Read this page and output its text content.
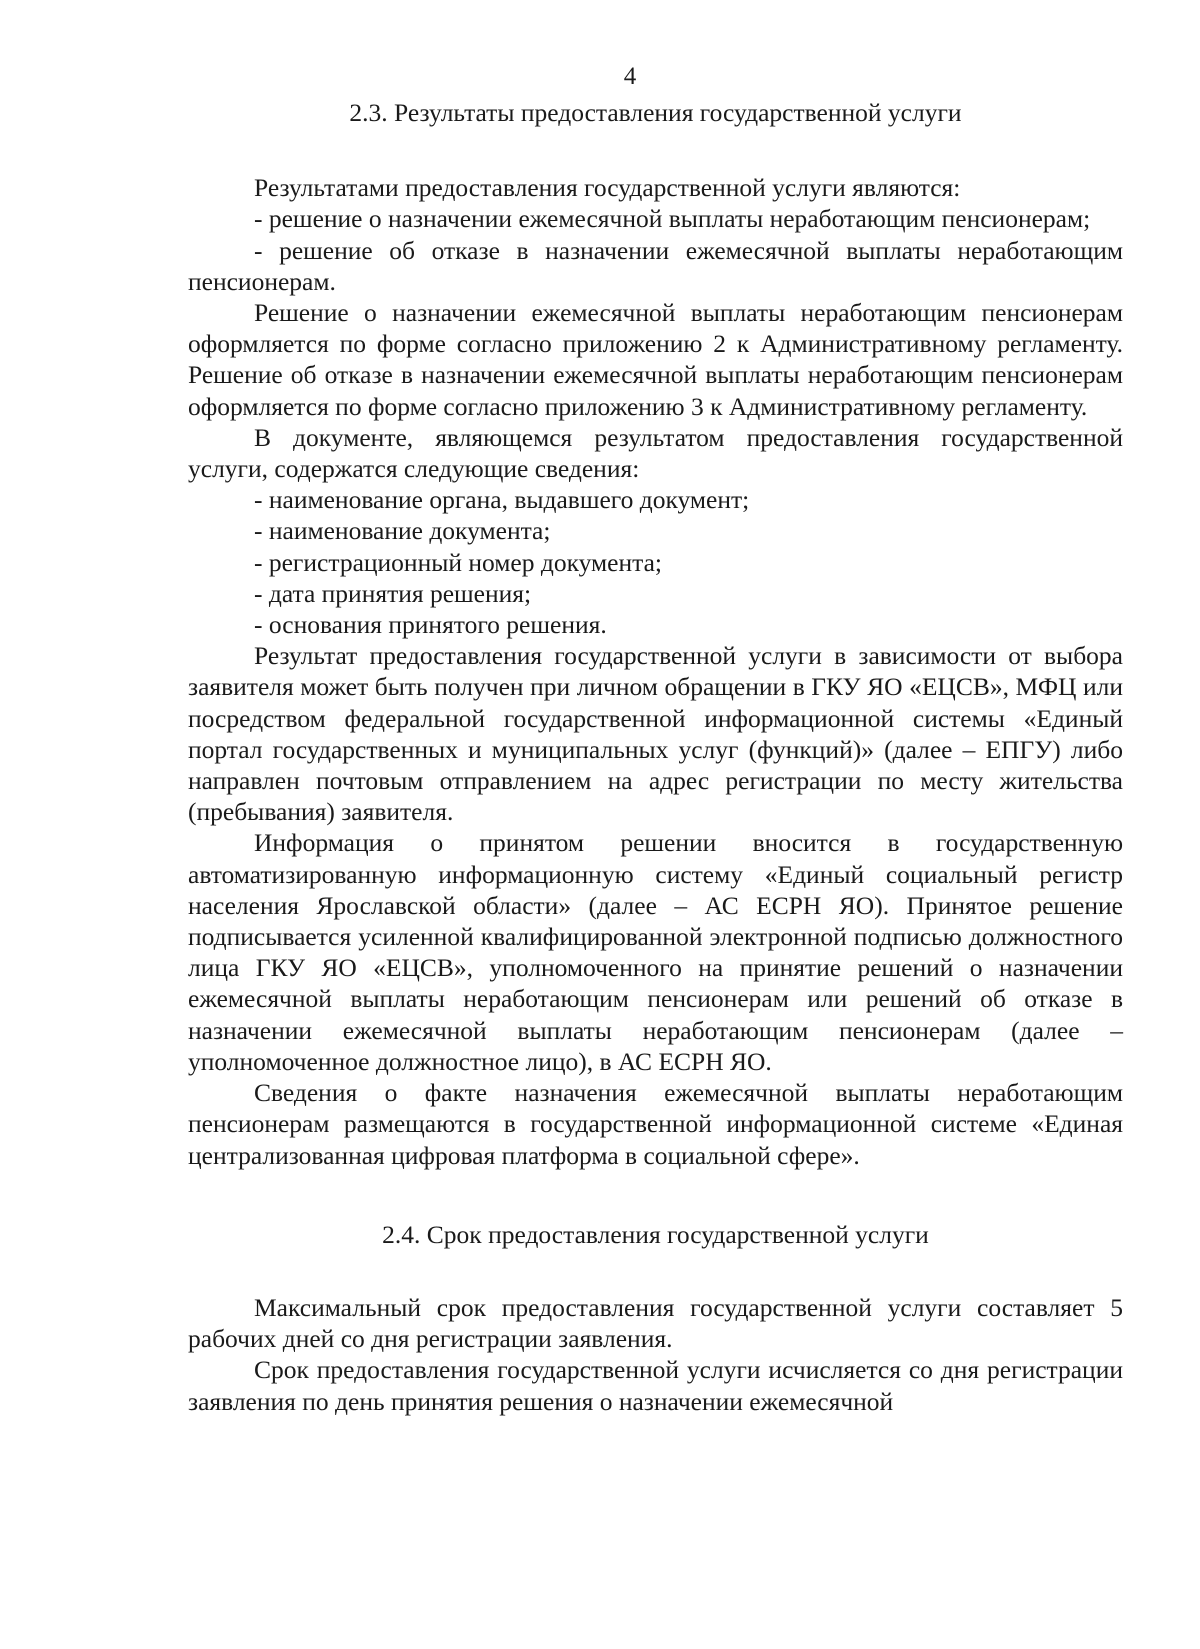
4

2.3. Результаты предоставления государственной услуги

Результатами предоставления государственной услуги являются:

- решение о назначении ежемесячной выплаты неработающим пенсионерам;

- решение об отказе в назначении ежемесячной выплаты неработающим пенсионерам.

Решение о назначении ежемесячной выплаты неработающим пенсионерам оформляется по форме согласно приложению 2 к Административному регламенту. Решение об отказе в назначении ежемесячной выплаты неработающим пенсионерам оформляется по форме согласно приложению 3 к Административному регламенту.

В документе, являющемся результатом предоставления государственной услуги, содержатся следующие сведения:

- наименование органа, выдавшего документ;

- наименование документа;

- регистрационный номер документа;

- дата принятия решения;

- основания принятого решения.

Результат предоставления государственной услуги в зависимости от выбора заявителя может быть получен при личном обращении в ГКУ ЯО «ЕЦСВ», МФЦ или посредством федеральной государственной информационной системы «Единый портал государственных и муниципальных услуг (функций)» (далее – ЕПГУ) либо направлен почтовым отправлением на адрес регистрации по месту жительства (пребывания) заявителя.

Информация о принятом решении вносится в государственную автоматизированную информационную систему «Единый социальный регистр населения Ярославской области» (далее – АС ЕСРН ЯО). Принятое решение подписывается усиленной квалифицированной электронной подписью должностного лица ГКУ ЯО «ЕЦСВ», уполномоченного на принятие решений о назначении ежемесячной выплаты неработающим пенсионерам или решений об отказе в назначении ежемесячной выплаты неработающим пенсионерам (далее – уполномоченное должностное лицо), в АС ЕСРН ЯО.

Сведения о факте назначения ежемесячной выплаты неработающим пенсионерам размещаются в государственной информационной системе «Единая централизованная цифровая платформа в социальной сфере».

2.4. Срок предоставления государственной услуги

Максимальный срок предоставления государственной услуги составляет 5 рабочих дней со дня регистрации заявления.

Срок предоставления государственной услуги исчисляется со дня регистрации заявления по день принятия решения о назначении ежемесячной
